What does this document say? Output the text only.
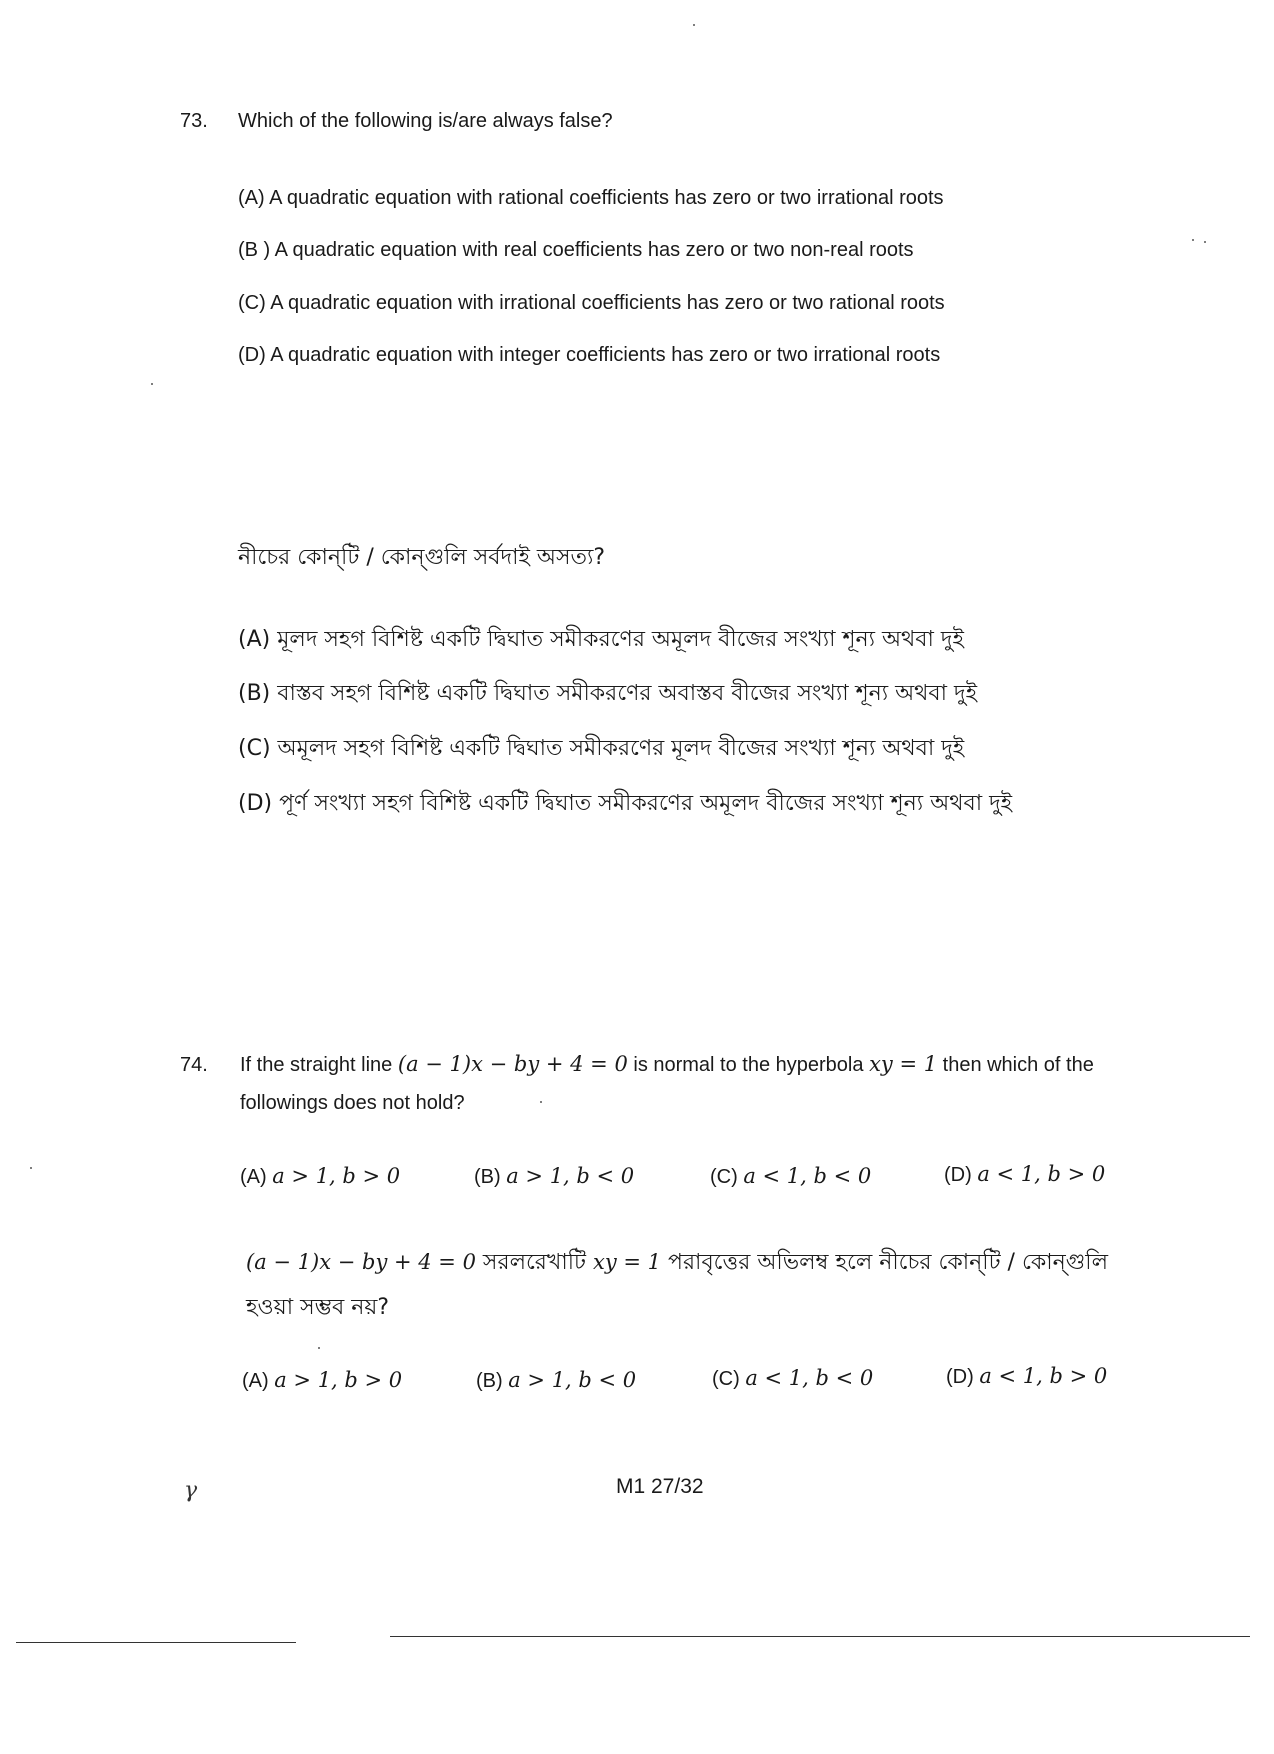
73. Which of the following is/are always false?
(A) A quadratic equation with rational coefficients has zero or two irrational roots
(B ) A quadratic equation with real coefficients has zero or two non-real roots
(C) A quadratic equation with irrational coefficients has zero or two rational roots
(D) A quadratic equation with integer coefficients has zero or two irrational roots
নীচের কোন্‌টি / কোন্‌গুলি সর্বদাই অসত্য?
(A) মূলদ সহগ বিশিষ্ট একটি দ্বিঘাত সমীকরণের অমূলদ বীজের সংখ্যা শূন্য অথবা দুই
(B) বাস্তব সহগ বিশিষ্ট একটি দ্বিঘাত সমীকরণের অবাস্তব বীজের সংখ্যা শূন্য অথবা দুই
(C) অমূলদ সহগ বিশিষ্ট একটি দ্বিঘাত সমীকরণের মূলদ বীজের সংখ্যা শূন্য অথবা দুই
(D) পূর্ণ সংখ্যা সহগ বিশিষ্ট একটি দ্বিঘাত সমীকরণের অমূলদ বীজের সংখ্যা শূন্য অথবা দুই
74. If the straight line (a − 1)x − by + 4 = 0 is normal to the hyperbola xy = 1 then which of the
followings does not hold?
(A) a > 1, b > 0	(B) a > 1, b < 0	(C) a < 1, b < 0	(D) a < 1, b > 0
(a − 1)x − by + 4 = 0 সরলরেখাটি xy = 1 পরাবৃত্তের অভিলম্ব হলে নীচের কোন্‌টি / কোন্‌গুলি
হওয়া সম্ভব নয়?
(A) a > 1, b > 0	(B) a > 1, b < 0	(C) a < 1, b < 0	(D) a < 1, b > 0
γ	M1 27/32
